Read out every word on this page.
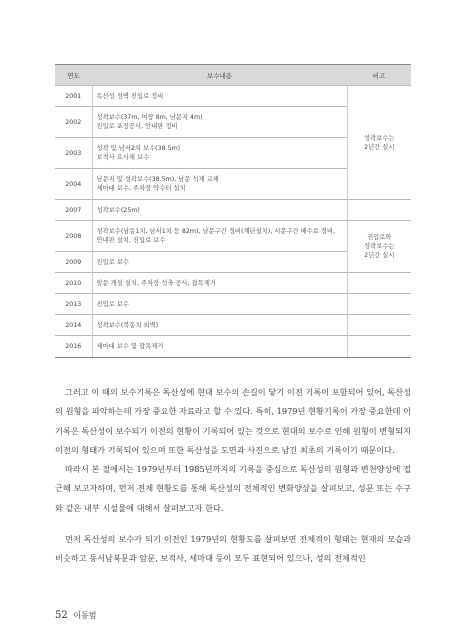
연도	보수내용	비고
2001	독산성 성벽 진입로 정비	성곽보수는
2년간 실시

2002	성곽보수(37m, 여장 8m, 남문지 4m)
진입로 포장공사, 안내판 정비	

2003	성곽 및 남서2치 보수(38.5m)
보적사 요사채 보수	

2004	남문지 및 성곽보수(38.5m), 남문 석재 교체
세마대 보수, 주차장 약수터 설치	

2007	성곽보수(25m)	
2008	성곽보수(남동1치, 남서1치 등 82m), 남문구간 정비(계단설치), 서문구간 배수로 정비, 안내판 설치, 진입로 보수	진입로와
성곽보수는
2년간 실시

2009	진입로 보수	
2010	암문 개설 설치, 주차장 석축 공사, 잡목제거	
2013	진입로 보수	
2014	성곽보수(북동치 외벽)	
2016	세마대 보수 및 잡목제거	

그러고 이 때의 보수기록은 독산성에 현대 보수의 손길이 닿기 이전 기록이 포함되어 있어, 독산성의 원형을 파악하는데 가장 중요한 자료라고 할 수 있다. 특히, 1979년 현황기록이 가장 중요한데 이 기록은 독산성이 보수되기 이전의 현황이 기록되어 있는 것으로 현대의 보수로 인해 원형이 변형되지 이전의 형태가 기록되어 있으며 또한 독산성을 도면과 사진으로 남긴 최초의 기록이기 때문이다.

따라서 본 절에서는 1979년부터 1985년까지의 기록을 중심으로 독산성의 원형과 변천양상에 접근해 보고자하며, 먼저 전체 현황도를 통해 독산성의 전체적인 변화양상을 살펴보고, 성문 또는 수구와 같은 내부 시설물에 대해서 살펴보고자 한다.

먼저 독산성의 보수가 되기 이전인 1979년의 현황도를 살펴보면 전체적이 형태는 현재의 모습과 비슷하고 동서남북문과 암문, 보적사, 세마대 등이 모두 표현되어 있으나, 성의 전체적인

52 이동범
